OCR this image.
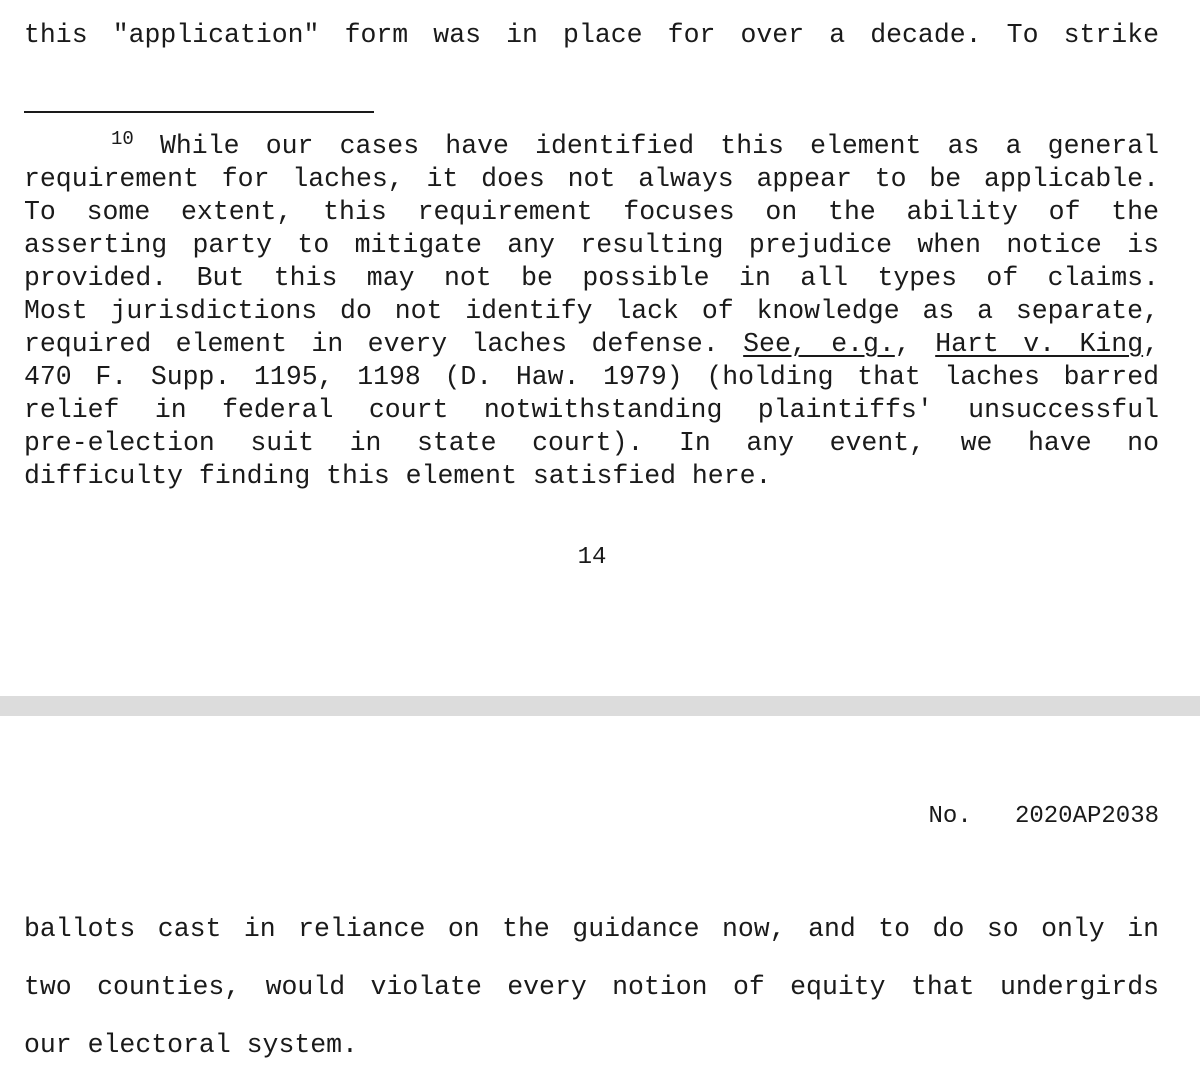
this "application" form was in place for over a decade. To strike

$^{10}$ While our cases have identified this element as a general

requirement for laches, it does not always appear to be applicable.

To some extent, this requirement focuses on the ability of the

asserting party to mitigate any resulting prejudice when notice is

provided. But this may not be possible in all types of claims.

Most jurisdictions do not identify lack of knowledge as a separate,

required element in every laches defense. See, e.g., Hart v. King,

470 F. Supp. 1195, 1198 (D. Haw. 1979) (holding that laches barred

relief in federal court notwithstanding plaintiffs' unsuccessful

pre-election suit in state court). In any event, we have no

difficulty finding this element satisfied here.

14
No. 2020AP2038

ballots cast in reliance on the guidance now, and to do so only in

two counties, would violate every notion of equity that undergirds

our electoral system.
